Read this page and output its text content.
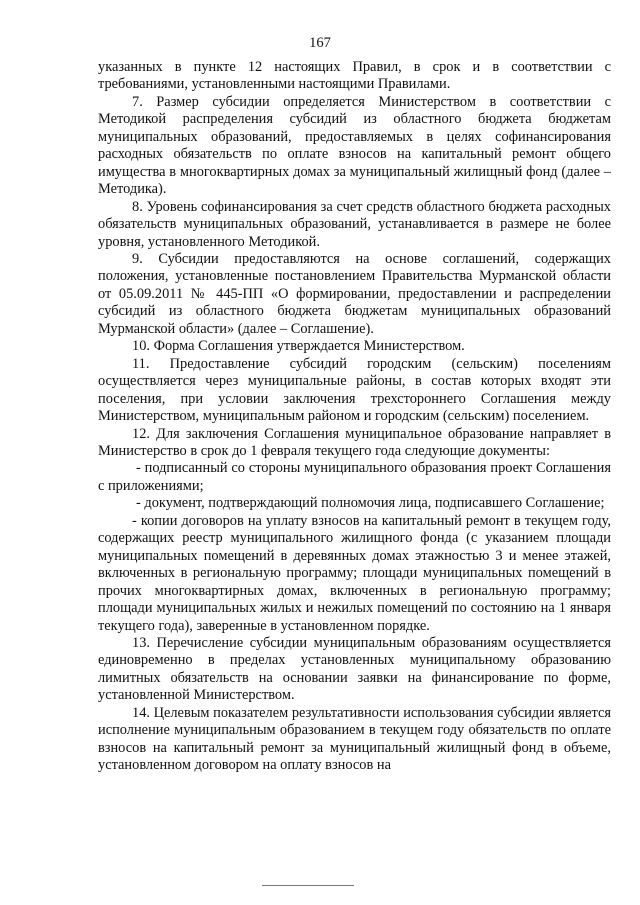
167

указанных в пункте 12 настоящих Правил, в срок и в соответствии с требованиями, установленными настоящими Правилами.

7. Размер субсидии определяется Министерством в соответствии с Методикой распределения субсидий из областного бюджета бюджетам муниципальных образований, предоставляемых в целях софинансирования расходных обязательств по оплате взносов на капитальный ремонт общего имущества в многоквартирных домах за муниципальный жилищный фонд (далее – Методика).

8. Уровень софинансирования за счет средств областного бюджета расходных обязательств муниципальных образований, устанавливается в размере не более уровня, установленного Методикой.

9. Субсидии предоставляются на основе соглашений, содержащих положения, установленные постановлением Правительства Мурманской области от 05.09.2011 № 445-ПП «О формировании, предоставлении и распределении субсидий из областного бюджета бюджетам муниципальных образований Мурманской области» (далее – Соглашение).

10. Форма Соглашения утверждается Министерством.

11. Предоставление субсидий городским (сельским) поселениям осуществляется через муниципальные районы, в состав которых входят эти поселения, при условии заключения трехстороннего Соглашения между Министерством, муниципальным районом и городским (сельским) поселением.

12. Для заключения Соглашения муниципальное образование направляет в Министерство в срок до 1 февраля текущего года следующие документы:

- подписанный со стороны муниципального образования проект Соглашения с приложениями;

- документ, подтверждающий полномочия лица, подписавшего Соглашение;

- копии договоров на уплату взносов на капитальный ремонт в текущем году, содержащих реестр муниципального жилищного фонда (с указанием площади муниципальных помещений в деревянных домах этажностью 3 и менее этажей, включенных в региональную программу; площади муниципальных помещений в прочих многоквартирных домах, включенных в региональную программу; площади муниципальных жилых и нежилых помещений по состоянию на 1 января текущего года), заверенные в установленном порядке.

13. Перечисление субсидии муниципальным образованиям осуществляется единовременно в пределах установленных муниципальному образованию лимитных обязательств на основании заявки на финансирование по форме, установленной Министерством.

14. Целевым показателем результативности использования субсидии является исполнение муниципальным образованием в текущем году обязательств по оплате взносов на капитальный ремонт за муниципальный жилищный фонд в объеме, установленном договором на оплату взносов на
